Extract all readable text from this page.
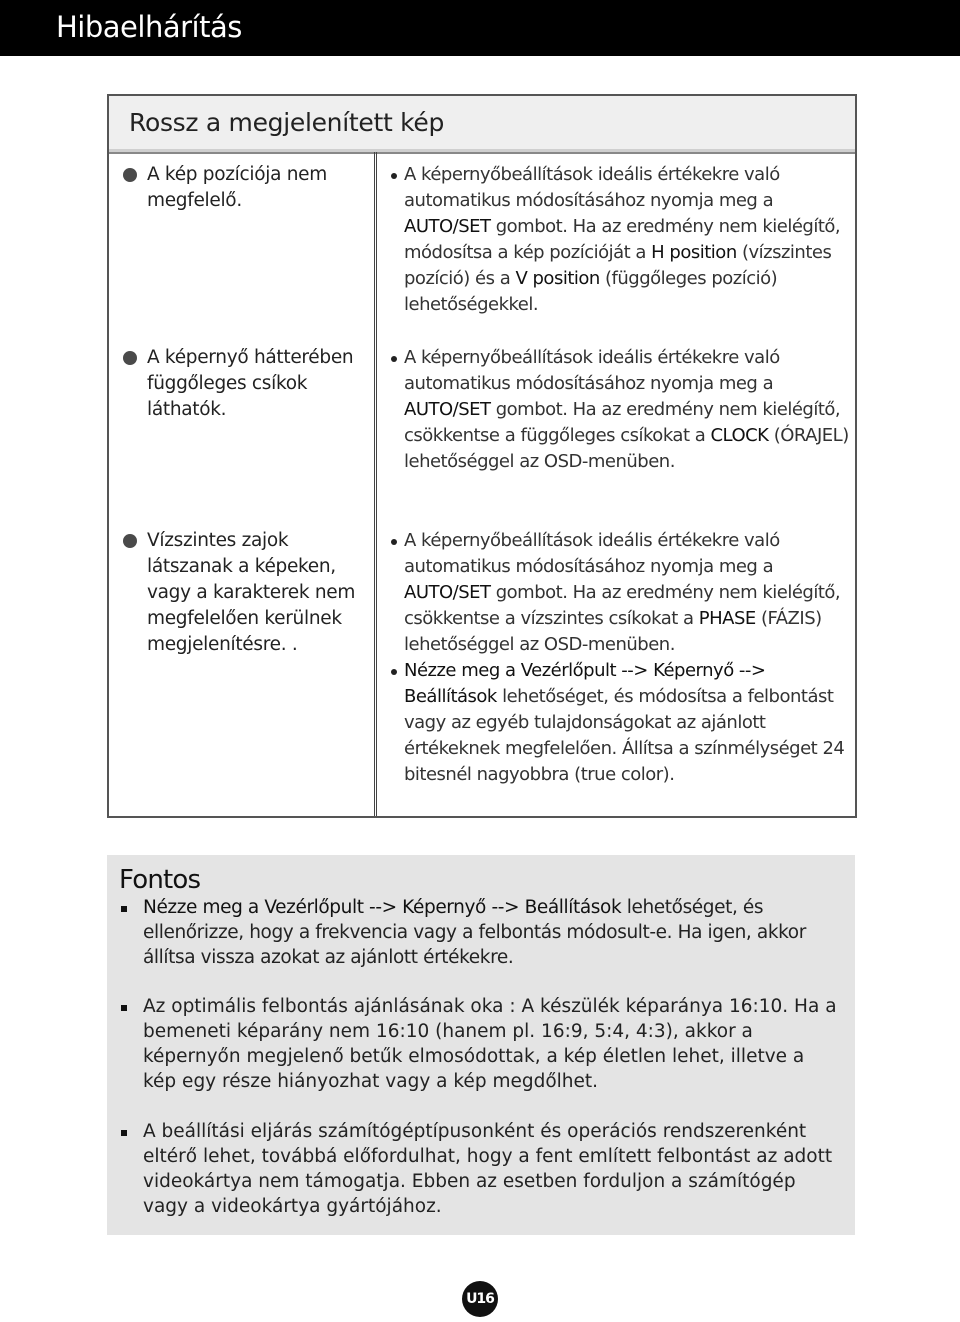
Hibaelhárítás
Rossz a megjelenített kép
A kép pozíciója nem megfelelő.
A képernyőbeállítások ideális értékekre való automatikus módosításához nyomja meg a AUTO/SET gombot. Ha az eredmény nem kielégítő, módosítsa a kép pozícióját a H position (vízszintes pozíció) és a V position (függőleges pozíció) lehetőségekkel.
A képernyő hátterében függőleges csíkok láthatók.
A képernyőbeállítások ideális értékekre való automatikus módosításához nyomja meg a AUTO/SET gombot. Ha az eredmény nem kielégítő, csökkentse a függőleges csíkokat a CLOCK (ÓRAJEL) lehetőséggel az OSD-menüben.
Vízszintes zajok látszanak a képeken, vagy a karakterek nem megfelelően kerülnek megjelenítésre. .
A képernyőbeállítások ideális értékekre való automatikus módosításához nyomja meg a AUTO/SET gombot. Ha az eredmény nem kielégítő, csökkentse a vízszintes csíkokat a PHASE (FÁZIS) lehetőséggel az OSD-menüben.
Nézze meg a Vezérlőpult --> Képernyő --> Beállítások lehetőséget, és módosítsa a felbontást vagy az egyéb tulajdonságokat az ajánlott értékeknek megfelelően. Állítsa a színmélységet 24 bitesnél nagyobbra (true color).
Fontos
Nézze meg a Vezérlőpult --> Képernyő --> Beállítások lehetőséget, és ellenőrizze, hogy a frekvencia vagy a felbontás módosult-e. Ha igen, akkor állítsa vissza azokat az ajánlott értékekre.
Az optimális felbontás ajánlásának oka : A készülék képaránya 16:10. Ha a bemeneti képarány nem 16:10 (hanem pl. 16:9, 5:4, 4:3), akkor a képernyőn megjelenő betűk elmosódottak, a kép életlen lehet, illetve a kép egy része hiányozhat vagy a kép megdőlhet.
A beállítási eljárás számítógéptípusonként és operációs rendszerenként eltérő lehet, továbbá előfordulhat, hogy a fent említett felbontást az adott videokártya nem támogatja. Ebben az esetben forduljon a számítógép vagy a videokártya gyártójához.
U16
